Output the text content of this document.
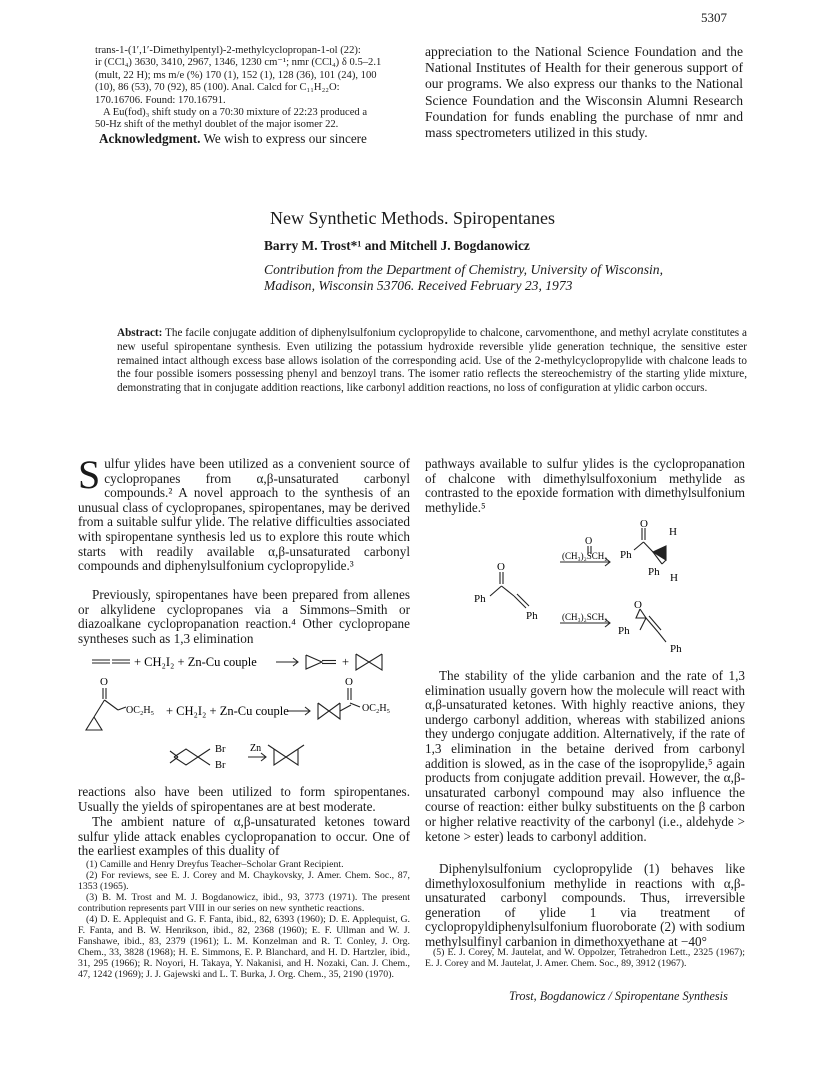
5307
trans-1-(1′,1′-Dimethylpentyl)-2-methylcyclopropan-1-ol (22):
ir (CCl₄) 3630, 3410, 2967, 1346, 1230 cm⁻¹; nmr (CCl₄) δ 0.5–2.1
(mult, 22 H); ms m/e (%) 170 (1), 152 (1), 128 (36), 101 (24), 100
(10), 86 (53), 70 (92), 85 (100). Anal. Calcd for C₁₁H₂₂O:
170.16706. Found: 170.16791.
A Eu(fod)₃ shift study on a 70:30 mixture of 22:23 produced a
50-Hz shift of the methyl doublet of the major isomer 22.
Acknowledgment. We wish to express our sincere
appreciation to the National Science Foundation and the National Institutes of Health for their generous support of our programs. We also express our thanks to the National Science Foundation and the Wisconsin Alumni Research Foundation for funds enabling the purchase of nmr and mass spectrometers utilized in this study.
New Synthetic Methods. Spiropentanes
Barry M. Trost*¹ and Mitchell J. Bogdanowicz
Contribution from the Department of Chemistry, University of Wisconsin,
Madison, Wisconsin 53706. Received February 23, 1973
Abstract: The facile conjugate addition of diphenylsulfonium cyclopropylide to chalcone, carvomenthone, and methyl acrylate constitutes a new useful spiropentane synthesis. Even utilizing the potassium hydroxide reversible ylide generation technique, the sensitive ester remained intact although excess base allows isolation of the corresponding acid. Use of the 2-methylcyclopropylide with chalcone leads to the four possible isomers possessing phenyl and benzoyl trans. The isomer ratio reflects the stereochemistry of the starting ylide mixture, demonstrating that in conjugate addition reactions, like carbonyl addition reactions, no loss of configuration at ylidic carbon occurs.
S ulfur ylides have been utilized as a convenient source of cyclopropanes from α,β-unsaturated carbonyl compounds.² A novel approach to the synthesis of an unusual class of cyclopropanes, spiropentanes, may be derived from a suitable sulfur ylide. The relative difficulties associated with spiropentane synthesis led us to explore this route which starts with readily available α,β-unsaturated carbonyl compounds and diphenylsulfonium cyclopropylide.³
Previously, spiropentanes have been prepared from allenes or alkylidene cyclopropanes via a Simmons–Smith or diazoalkane cyclopropanation reaction.⁴ Other cyclopropane syntheses such as 1,3 elimination
+ CH₂I₂ + Zn-Cu couple	+
O
OC₂H₅ + CH₂I₂ + Zn-Cu couple
O
OC₂H₅
Br
Br
Zn
reactions also have been utilized to form spiropentanes. Usually the yields of spiropentanes are at best moderate.
The ambient nature of α,β-unsaturated ketones toward sulfur ylide attack enables cyclopropanation to occur. One of the earliest examples of this duality of
(1) Camille and Henry Dreyfus Teacher–Scholar Grant Recipient.
(2) For reviews, see E. J. Corey and M. Chaykovsky, J. Amer. Chem. Soc., 87, 1353 (1965).
(3) B. M. Trost and M. J. Bogdanowicz, ibid., 93, 3773 (1971). The present contribution represents part VIII in our series on new synthetic reactions.
(4) D. E. Applequist and G. F. Fanta, ibid., 82, 6393 (1960); D. E. Applequist, G. F. Fanta, and B. W. Henrikson, ibid., 82, 2368 (1960); E. F. Ullman and W. J. Fanshawe, ibid., 83, 2379 (1961); L. M. Konzelman and R. T. Conley, J. Org. Chem., 33, 3828 (1968); H. E. Simmons, E. P. Blanchard, and H. D. Hartzler, ibid., 31, 295 (1966); R. Noyori, H. Takaya, Y. Nakanisi, and H. Nozaki, Can. J. Chem., 47, 1242 (1969); J. J. Gajewski and L. T. Burka, J. Org. Chem., 35, 2190 (1970).
pathways available to sulfur ylides is the cyclopropanation of chalcone with dimethylsulfoxonium methylide as contrasted to the epoxide formation with dimethylsulfonium methylide.⁵
O
(CH₃)₂SCH₂
(CH₃)₂SCH₂
O
Ph
Ph
O
H
Ph
Ph H
O
Ph
Ph
The stability of the ylide carbanion and the rate of 1,3 elimination usually govern how the molecule will react with α,β-unsaturated ketones. With highly reactive anions, they undergo carbonyl addition, whereas with stabilized anions they undergo conjugate addition. Alternatively, if the rate of 1,3 elimination in the betaine derived from carbonyl addition is slowed, as in the case of the isopropylide,⁵ again products from conjugate addition prevail. However, the α,β-unsaturated carbonyl compound may also influence the course of reaction: either bulky substituents on the β carbon or higher relative reactivity of the carbonyl (i.e., aldehyde > ketone > ester) leads to carbonyl addition.
Diphenylsulfonium cyclopropylide (1) behaves like dimethyloxosulfonium methylide in reactions with α,β-unsaturated carbonyl compounds. Thus, irreversible generation of ylide 1 via treatment of cyclopropyldiphenylsulfonium fluoroborate (2) with sodium methylsulfinyl carbanion in dimethoxyethane at −40°
(5) E. J. Corey, M. Jautelat, and W. Oppolzer, Tetrahedron Lett., 2325 (1967); E. J. Corey and M. Jautelat, J. Amer. Chem. Soc., 89, 3912 (1967).
Trost, Bogdanowicz / Spiropentane Synthesis
